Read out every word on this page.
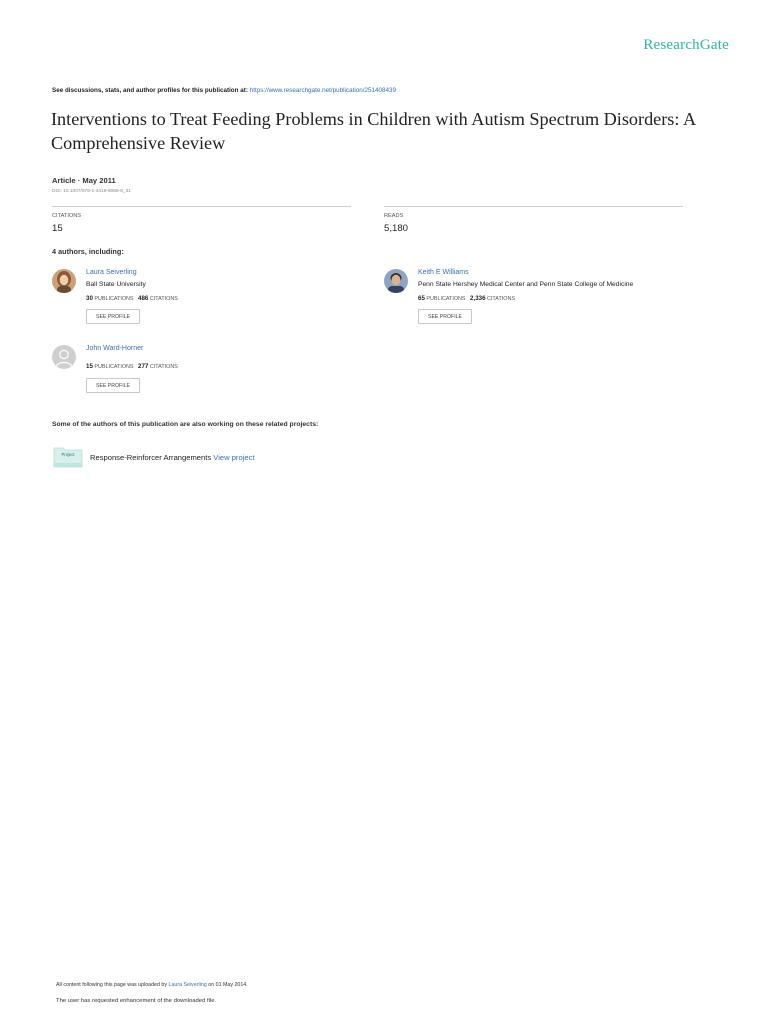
ResearchGate
See discussions, stats, and author profiles for this publication at: https://www.researchgate.net/publication/251408439
Interventions to Treat Feeding Problems in Children with Autism Spectrum Disorders: A Comprehensive Review
Article · May 2011
DOI: 10.1007/978-1-4419-8065-6_31
CITATIONS
15
READS
5,180
4 authors, including:
Laura Seiverling
Ball State University
30 PUBLICATIONS 486 CITATIONS
SEE PROFILE
Keith E Williams
Penn State Hershey Medical Center and Penn State College of Medicine
65 PUBLICATIONS 2,336 CITATIONS
SEE PROFILE
John Ward-Horner
15 PUBLICATIONS 277 CITATIONS
SEE PROFILE
Some of the authors of this publication are also working on these related projects:
Project	Response-Reinforcer Arrangements View project
All content following this page was uploaded by Laura Seiverling on 01 May 2014.
The user has requested enhancement of the downloaded file.
